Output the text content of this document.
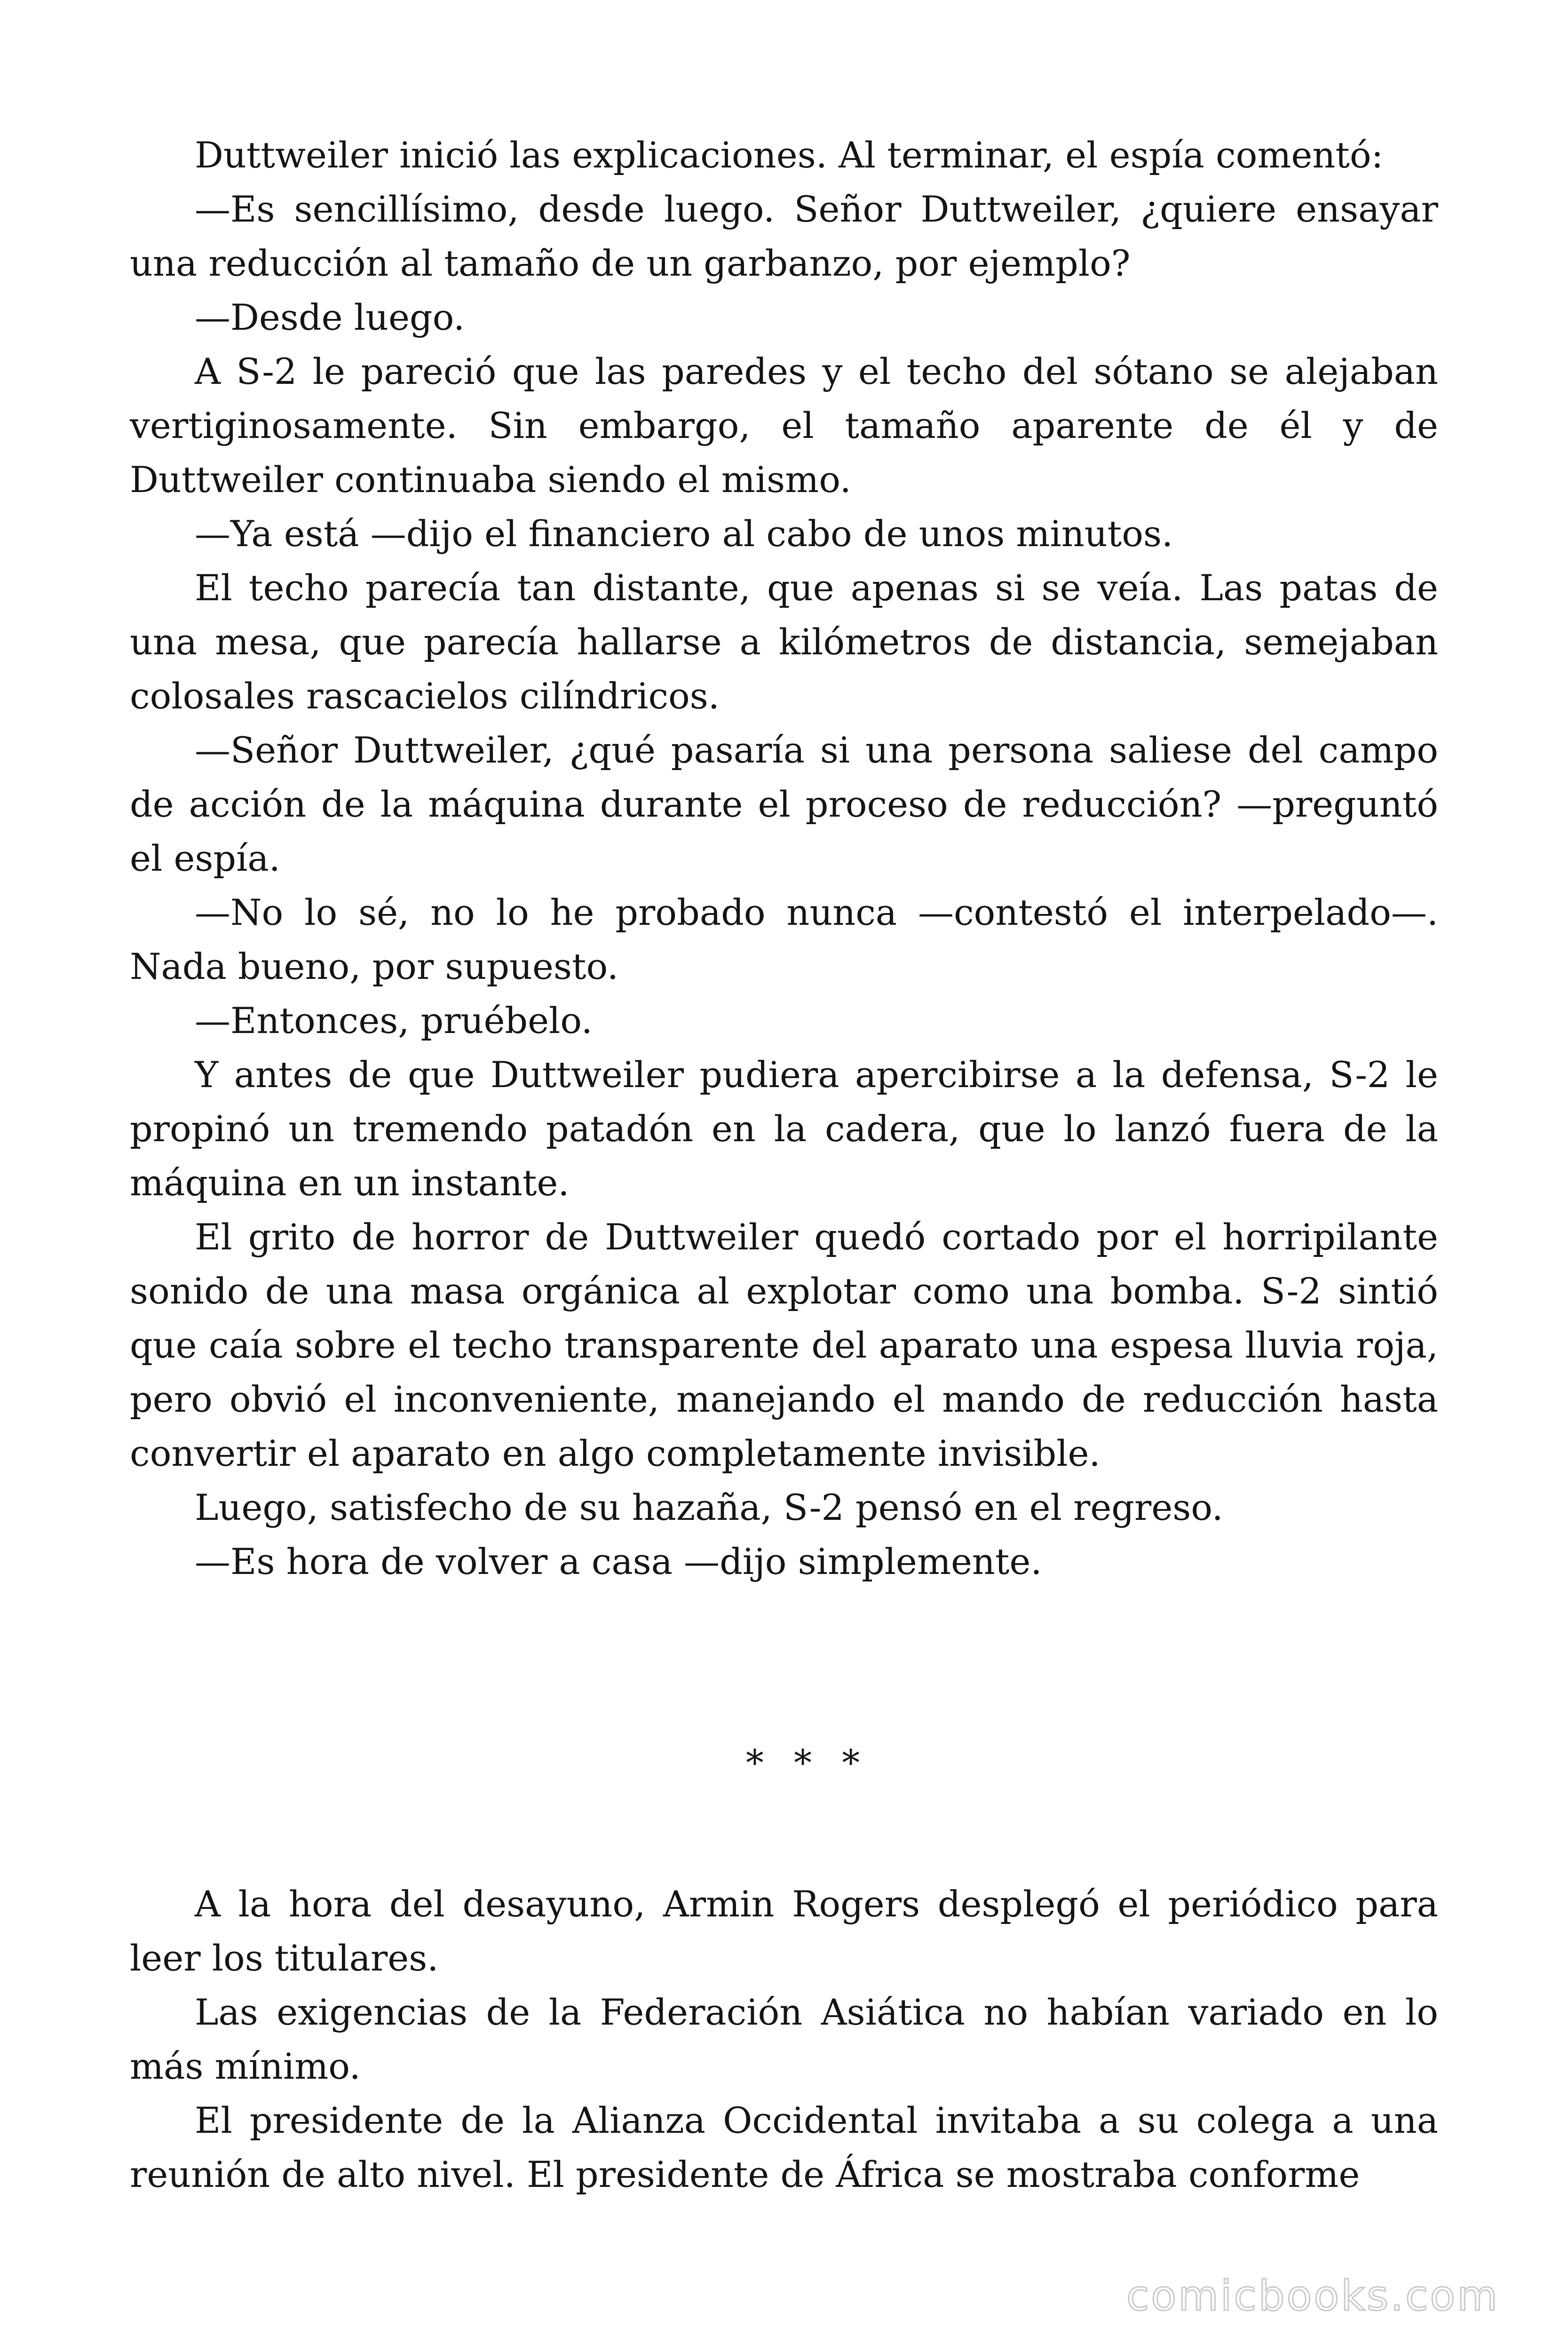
Duttweiler inició las explicaciones. Al terminar, el espía comentó:

—Es sencillísimo, desde luego. Señor Duttweiler, ¿quiere ensayar una reducción al tamaño de un garbanzo, por ejemplo?

—Desde luego.

A S-2 le pareció que las paredes y el techo del sótano se alejaban vertiginosamente. Sin embargo, el tamaño aparente de él y de Duttweiler continuaba siendo el mismo.

—Ya está —dijo el financiero al cabo de unos minutos.

El techo parecía tan distante, que apenas si se veía. Las patas de una mesa, que parecía hallarse a kilómetros de distancia, semejaban colosales rascacielos cilíndricos.

—Señor Duttweiler, ¿qué pasaría si una persona saliese del campo de acción de la máquina durante el proceso de reducción? —preguntó el espía.

—No lo sé, no lo he probado nunca —contestó el interpelado—. Nada bueno, por supuesto.

—Entonces, pruébelo.

Y antes de que Duttweiler pudiera apercibirse a la defensa, S-2 le propinó un tremendo patadón en la cadera, que lo lanzó fuera de la máquina en un instante.

El grito de horror de Duttweiler quedó cortado por el horripilante sonido de una masa orgánica al explotar como una bomba. S-2 sintió que caía sobre el techo transparente del aparato una espesa lluvia roja, pero obvió el inconveniente, manejando el mando de reducción hasta convertir el aparato en algo completamente invisible.

Luego, satisfecho de su hazaña, S-2 pensó en el regreso.

—Es hora de volver a casa —dijo simplemente.

* * *

A la hora del desayuno, Armin Rogers desplegó el periódico para leer los titulares.

Las exigencias de la Federación Asiática no habían variado en lo más mínimo.

El presidente de la Alianza Occidental invitaba a su colega a una reunión de alto nivel. El presidente de África se mostraba conforme

comicbooks.com
